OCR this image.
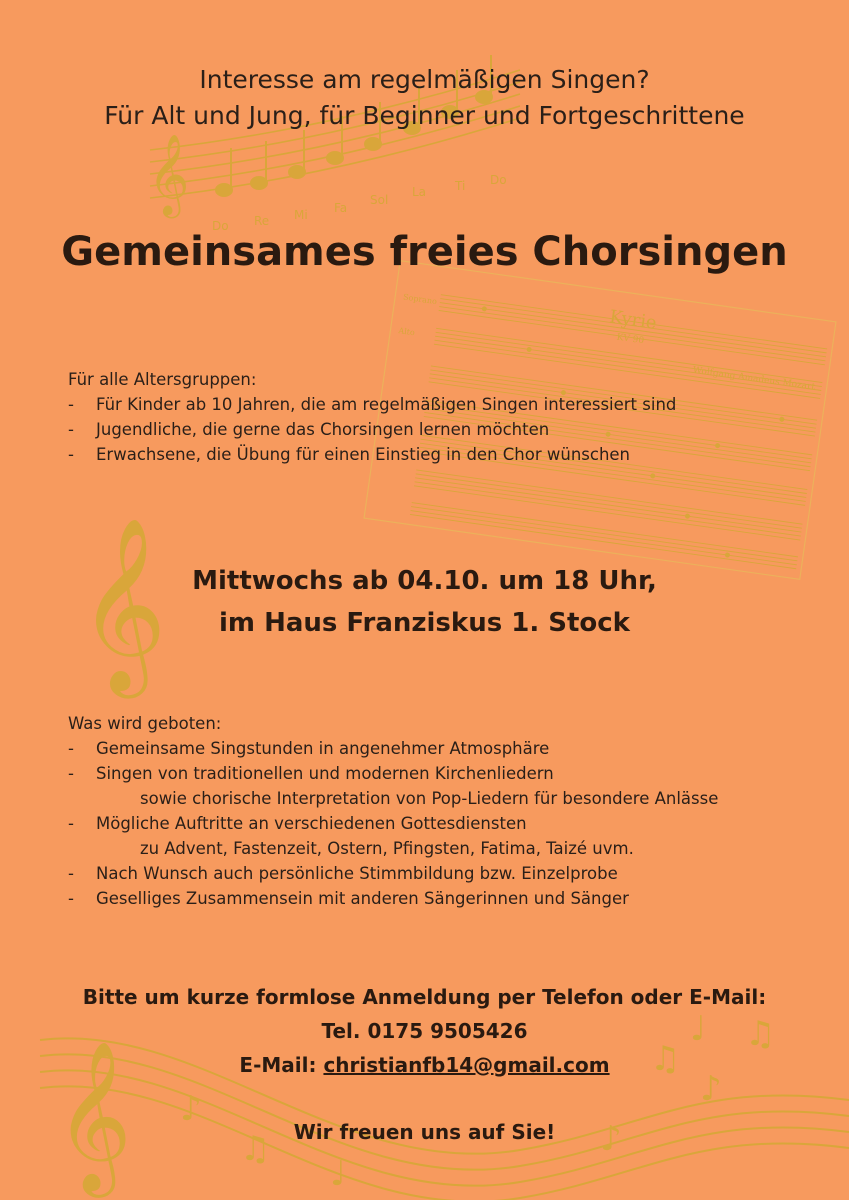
𝄞
Do Re Mi Fa
Sol
La Ti Do
Kyrie
KV 90
Wolfgang Amadeus Mozart
Soprano
Alto
𝄞
𝄞 ♪
♫
♩
♪
♫
♪
♫
♩
Interesse am regelmäßigen Singen?
Für Alt und Jung, für Beginner und Fortgeschrittene
Gemeinsames freies Chorsingen
Für alle Altersgruppen:
- Für Kinder ab 10 Jahren, die am regelmäßigen Singen interessiert sind
- Jugendliche, die gerne das Chorsingen lernen möchten
- Erwachsene, die Übung für einen Einstieg in den Chor wünschen
Mittwochs ab 04.10. um 18 Uhr,
im Haus Franziskus 1. Stock
Was wird geboten:
- Gemeinsame Singstunden in angenehmer Atmosphäre
- Singen von traditionellen und modernen Kirchenliedern
sowie chorische Interpretation von Pop-Liedern für besondere Anlässe
- Mögliche Auftritte an verschiedenen Gottesdiensten
zu Advent, Fastenzeit, Ostern, Pfingsten, Fatima, Taizé uvm.
- Nach Wunsch auch persönliche Stimmbildung bzw. Einzelprobe
- Geselliges Zusammensein mit anderen Sängerinnen und Sänger
Bitte um kurze formlose Anmeldung per Telefon oder E-Mail:
Tel. 0175 9505426
E-Mail: christianfb14@gmail.com
Wir freuen uns auf Sie!
